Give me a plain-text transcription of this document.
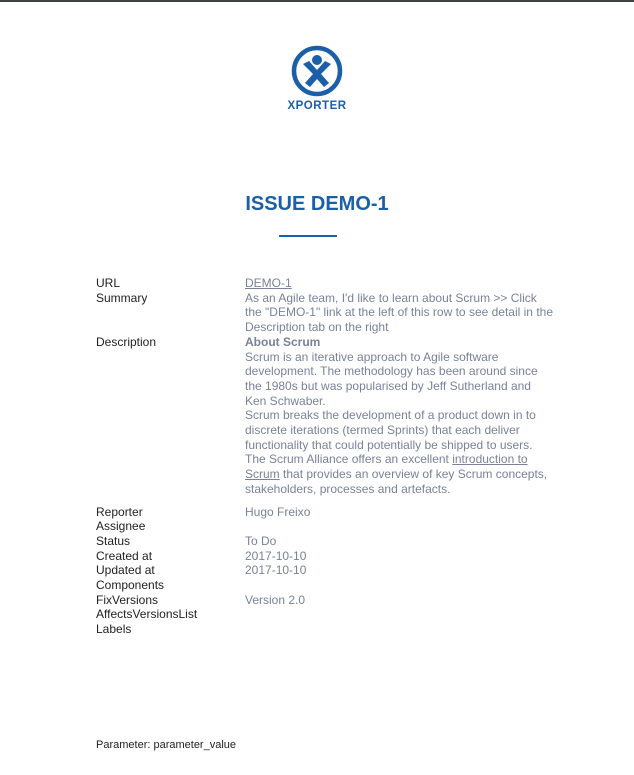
XPORTER
ISSUE DEMO-1
URL	DEMO-1
Summary	As an Agile team, I'd like to learn about Scrum >> Click the "DEMO-1" link at the left of this row to see detail in the Description tab on the right
Description	About Scrum
Scrum is an iterative approach to Agile software development. The methodology has been around since the 1980s but was popularised by Jeff Sutherland and Ken Schwaber.
Scrum breaks the development of a product down in to discrete iterations (termed Sprints) that each deliver functionality that could potentially be shipped to users.
The Scrum Alliance offers an excellent introduction to Scrum that provides an overview of key Scrum concepts, stakeholders, processes and artefacts.
Reporter	Hugo Freixo
Assignee

Status	To Do
Created at	2017-10-10
Updated at	2017-10-10
Components

FixVersions	Version 2.0
AffectsVersionsList

Labels

Parameter: parameter_value
